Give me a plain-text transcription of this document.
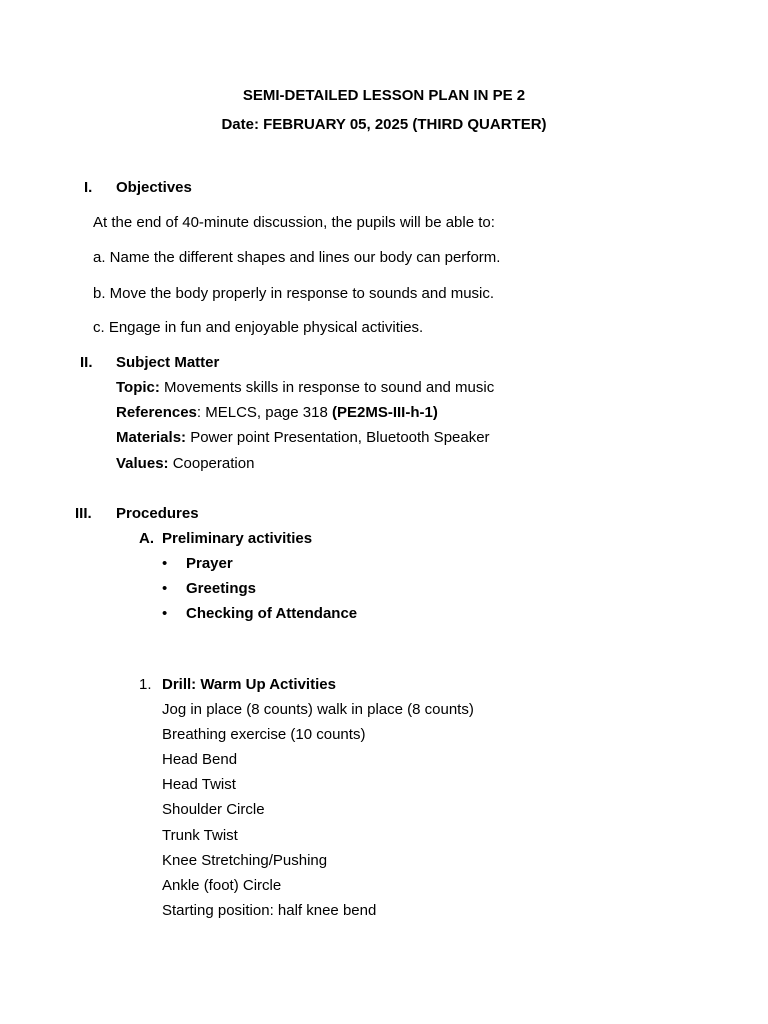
SEMI-DETAILED LESSON PLAN IN PE 2
Date: FEBRUARY 05, 2025 (THIRD QUARTER)
I. Objectives
At the end of 40-minute discussion, the pupils will be able to:
a. Name the different shapes and lines our body can perform.
b. Move the body properly in response to sounds and music.
c. Engage in fun and enjoyable physical activities.
II. Subject Matter
Topic: Movements skills in response to sound and music
References: MELCS, page 318 (PE2MS-III-h-1)
Materials: Power point Presentation, Bluetooth Speaker
Values: Cooperation
III. Procedures
A. Preliminary activities
• Prayer
• Greetings
• Checking of Attendance
1. Drill: Warm Up Activities
Jog in place (8 counts) walk in place (8 counts)
Breathing exercise (10 counts)
Head Bend
Head Twist
Shoulder Circle
Trunk Twist
Knee Stretching/Pushing
Ankle (foot) Circle
Starting position: half knee bend
